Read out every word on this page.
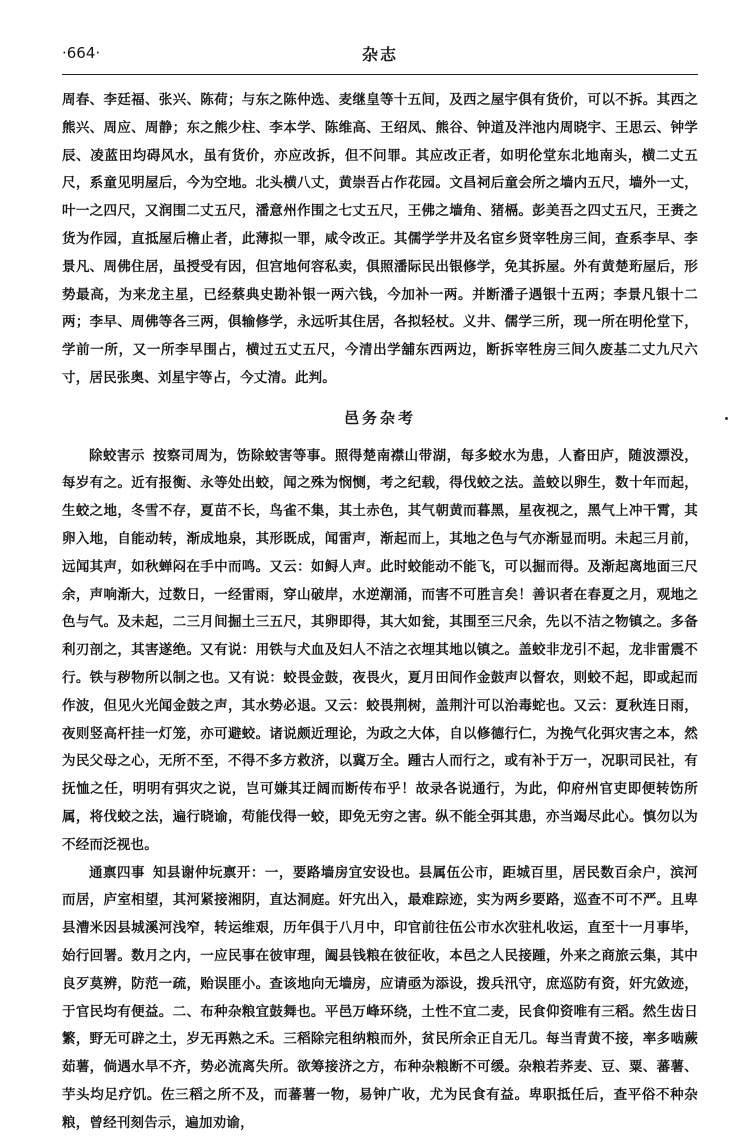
·664·	杂志

周春、李廷福、张兴、陈荷；与东之陈仲选、麦继皇等十五间，及西之屋宇俱有货价，可以不拆。其西之熊兴、周应、周静；东之熊少柱、李本学、陈维高、王绍凤、熊谷、钟道及泮池内周晓宇、王思云、钟学辰、凌蓝田均碍风水，虽有货价，亦应改拆，但不问罪。其应改正者，如明伦堂东北地南头，横二丈五尺，系童见明屋后，今为空地。北头横八丈，黄崇吾占作花园。文昌祠后童会所之墙内五尺，墙外一丈，叶一之四尺，又润围二丈五尺，潘意州作围之七丈五尺，王佛之墙角、猪槅。彭美吾之四丈五尺，王赉之货为作园，直抵屋后檐止者，此薄拟一罪，咸令改正。其儒学学井及名宦乡贤宰牲房三间，查系李早、李景凡、周佛住居，虽授受有因，但宫地何容私卖，俱照潘际民出银修学，免其拆屋。外有黄楚珩屋后，形势最高，为来龙主星，已经蔡典史勘补银一两六钱，今加补一两。并断潘子遇银十五两；李景凡银十二两；李早、周佛等各三两，俱输修学，永远听其住居，各拟轻杖。义井、儒学三所，现一所在明伦堂下，学前一所，又一所李早围占，横过五丈五尺，今清出学舖东西两边，断拆宰牲房三间久废基二丈九尺六寸，居民张奥、刘星宇等占，今丈清。此判。

邑务杂考

除蛟害示 按察司周为，饬除蛟害等事。照得楚南襟山带湖，每多蛟水为患，人畜田庐，随波漂没，每岁有之。近有报衡、永等处出蛟，闻之殊为悯恻，考之纪载，得伐蛟之法。盖蛟以卵生，数十年而起，生蛟之地，冬雪不存，夏苗不长，鸟雀不集，其土赤色，其气朝黄而暮黑，星夜视之，黑气上冲干霄，其卵入地，自能动转，渐成地泉，其形既成，闻雷声，渐起而上，其地之色与气亦渐显而明。未起三月前，远闻其声，如秋蝉闷在手中而鸣。又云：如鲟人声。此时蛟能动不能飞，可以掘而得。及渐起离地面三尺余，声响渐大，过数日，一经雷雨，穿山破岸，水逆潮涌，而害不可胜言矣！善识者在春夏之月，观地之色与气。及未起，二三月间掘土三五尺，其卵即得，其大如瓮，其围至三尺余，先以不洁之物镇之。多备利刃剖之，其害遂绝。又有说：用铁与犬血及妇人不洁之衣埋其地以镇之。盖蛟非龙引不起，龙非雷震不行。铁与秽物所以制之也。又有说：蛟畏金鼓，夜畏火，夏月田间作金鼓声以督农，则蛟不起，即或起而作波，但见火光闻金鼓之声，其水势必退。又云：蛟畏荆树，盖荆汁可以治毒蛇也。又云：夏秋连日雨，夜则竖高杆挂一灯笼，亦可避蛟。诸说颇近理论，为政之大体，自以修德行仁，为挽气化弭灾害之本，然为民父母之心，无所不至，不得不多方救济，以冀万全。踵古人而行之，或有补于万一，况职司民社，有抚恤之任，明明有弭灾之说，岂可嫌其迂阔而断传布乎！故录各说通行，为此，仰府州官吏即便转饬所属，将伐蛟之法，遍行晓谕，苟能伐得一蛟，即免无穷之害。纵不能全弭其患，亦当竭尽此心。慎勿以为不经而泛视也。

通禀四事 知县谢仲坃禀开：一，要路墙房宜安设也。县属伍公市，距城百里，居民数百余户，滨河而居，庐室相望，其河紧接湘阴，直达洞庭。奸宄出入，最难踪迹，实为两乡要路，巡查不可不严。且卑县漕米因县城溪河浅窄，转运维艰，历年俱于八月中，印官前往伍公市水次驻札收运，直至十一月事毕，始行回署。数月之内，一应民事在彼审理，阖县钱粮在彼征收，本邑之人民接踵，外来之商旅云集，其中良歹莫辨，防范一疏，贻误匪小。查该地向无墙房，应请亟为添设，拨兵汛守，庶巡防有资，奸宄敛迹，于官民均有便益。二、布种杂粮宜鼓舞也。平邑万峰环绕，土性不宜二麦，民食仰资唯有三稻。然生齿日繁，野无可辟之土，岁无再熟之禾。三稻除完租纳粮而外，贫民所余正自无几。每当青黄不接，率多啮蕨茹薯，倘遇水旱不齐，势必流离失所。欲筹接济之方，布种杂粮断不可缓。杂粮若荞麦、豆、粟、蕃薯、芋头均足疗饥。佐三稻之所不及，而蕃薯一物，易钟广收，尤为民食有益。卑职抵任后，查平俗不种杂粮，曾经刊刻告示，遍加劝谕，
